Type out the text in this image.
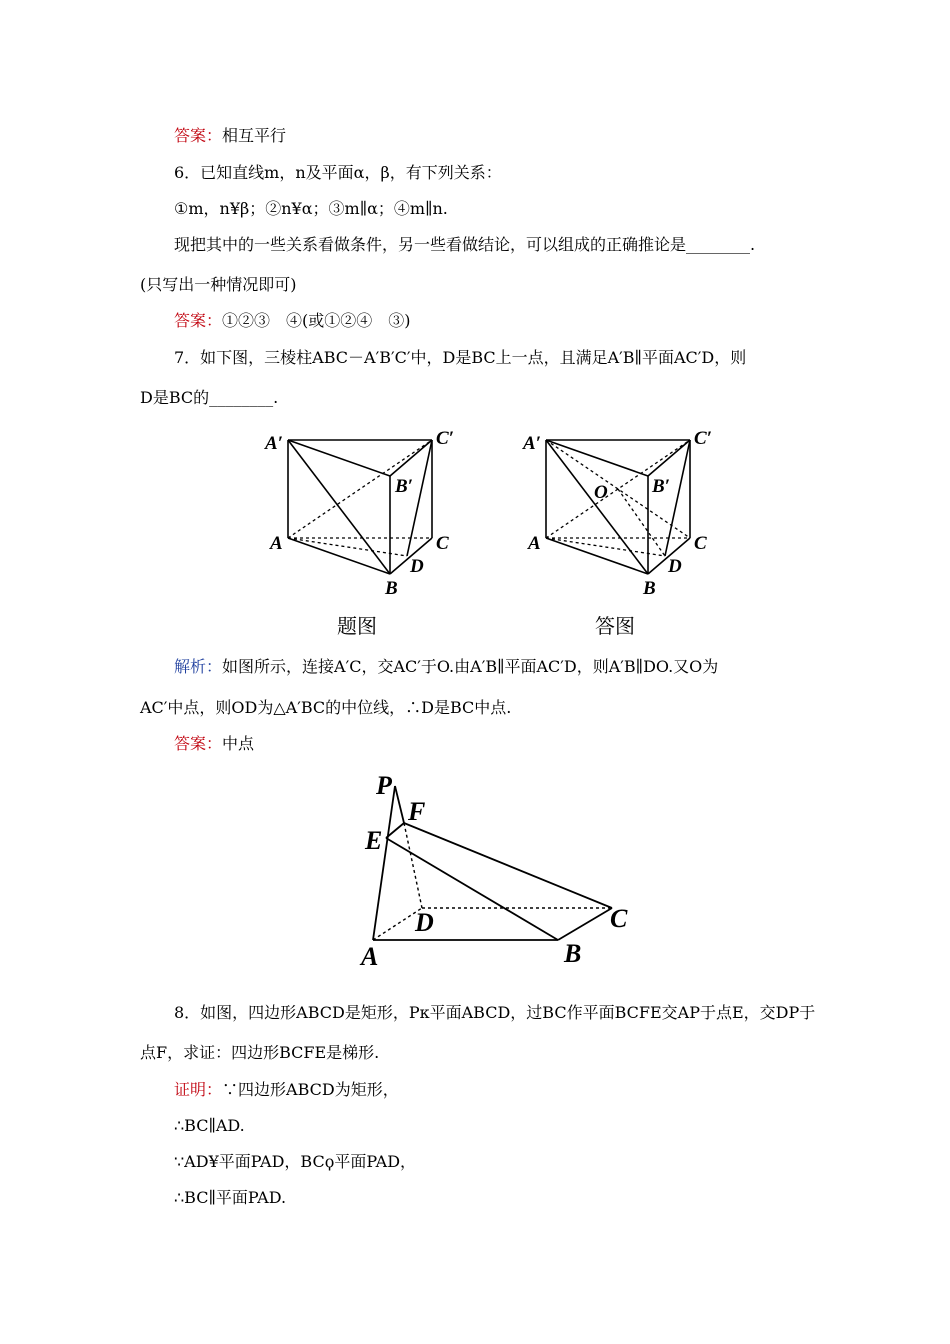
答案：相互平行
6．已知直线m，n及平面α，β，有下列关系：
①m，n¥β；②n¥α；③m∥α；④m∥n.
现把其中的一些关系看做条件，另一些看做结论，可以组成的正确推论是________.
(只写出一种情况即可)
答案：①②③　④(或①②④　③)
7．如下图，三棱柱ABC－A′B′C′中，D是BC上一点，且满足A′B∥平面AC′D，则
D是BC的________.
A′	C′
B′
A	C
D
B
题图
A′	C′
B′
O
A	C
D
B
答图
解析：如图所示，连接A′C，交AC′于O.由A′B∥平面AC′D，则A′B∥DO.又O为
AC′中点，则OD为△A′BC的中位线，∴D是BC中点.
答案：中点
P
F
E
D	C
A	B
8．如图，四边形ABCD是矩形，Pκ平面ABCD，过BC作平面BCFE交AP于点E，交DP于
点F，求证：四边形BCFE是梯形.
证明：∵四边形ABCD为矩形，
∴BC∥AD.
∵AD¥平面PAD，BCϙ平面PAD，
∴BC∥平面PAD.
